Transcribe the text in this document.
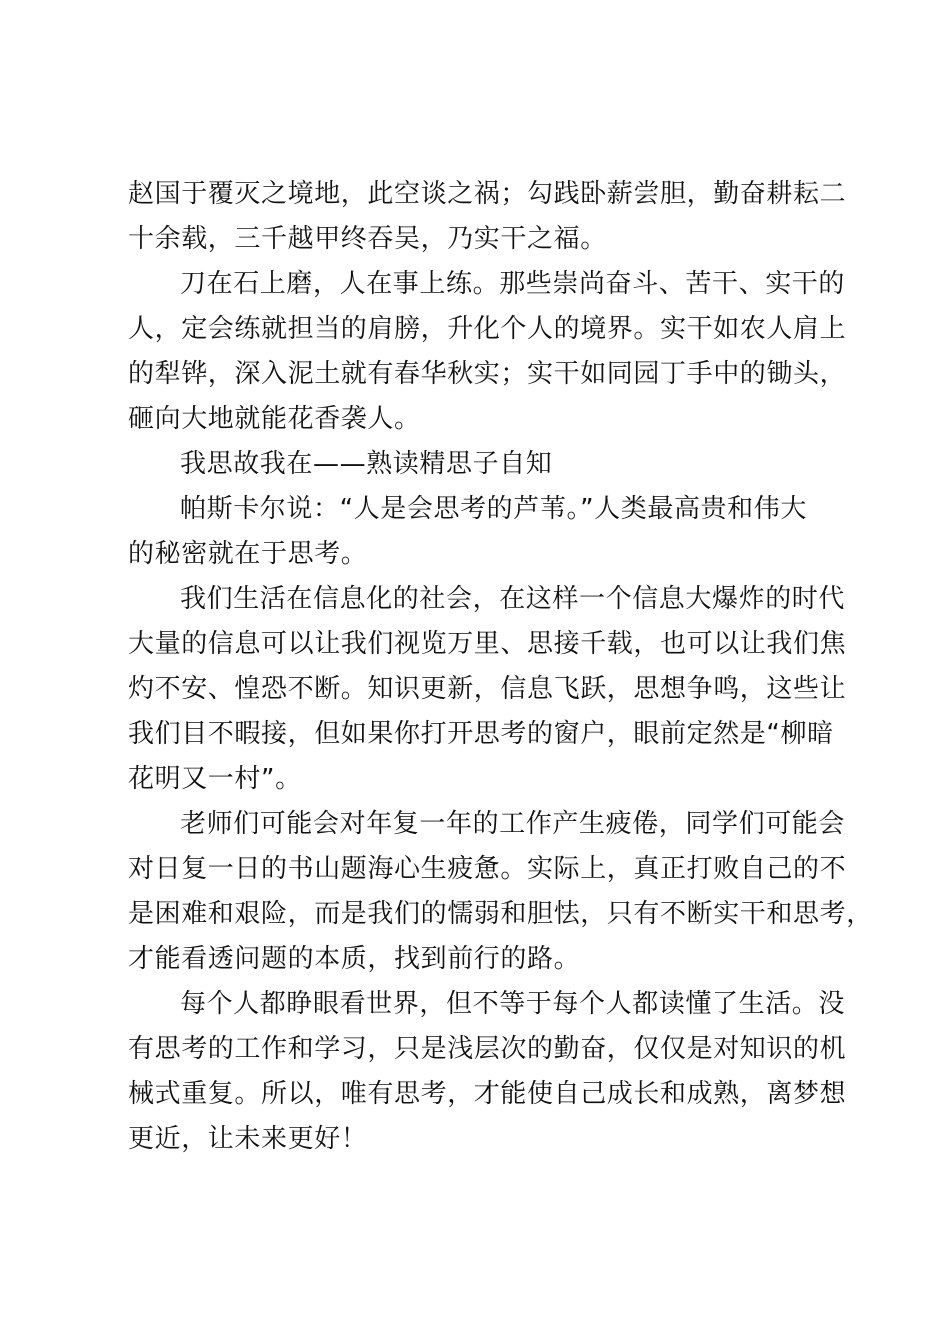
赵国于覆灭之境地，此空谈之祸；勾践卧薪尝胆，勤奋耕耘二
十余载，三千越甲终吞吴，乃实干之福。

刀在石上磨，人在事上练。那些崇尚奋斗、苦干、实干的
人，定会练就担当的肩膀，升化个人的境界。实干如农人肩上
的犁铧，深入泥土就有春华秋实；实干如同园丁手中的锄头，
砸向大地就能花香袭人。

我思故我在——熟读精思子自知

帕斯卡尔说：“人是会思考的芦苇。”人类最高贵和伟大
的秘密就在于思考。

我们生活在信息化的社会，在这样一个信息大爆炸的时代
大量的信息可以让我们视览万里、思接千载，也可以让我们焦
灼不安、惶恐不断。知识更新，信息飞跃，思想争鸣，这些让
我们目不暇接，但如果你打开思考的窗户，眼前定然是“柳暗
花明又一村”。

老师们可能会对年复一年的工作产生疲倦，同学们可能会
对日复一日的书山题海心生疲惫。实际上，真正打败自己的不
是困难和艰险，而是我们的懦弱和胆怯，只有不断实干和思考，
才能看透问题的本质，找到前行的路。

每个人都睁眼看世界，但不等于每个人都读懂了生活。没
有思考的工作和学习，只是浅层次的勤奋，仅仅是对知识的机
械式重复。所以，唯有思考，才能使自己成长和成熟，离梦想
更近，让未来更好！
